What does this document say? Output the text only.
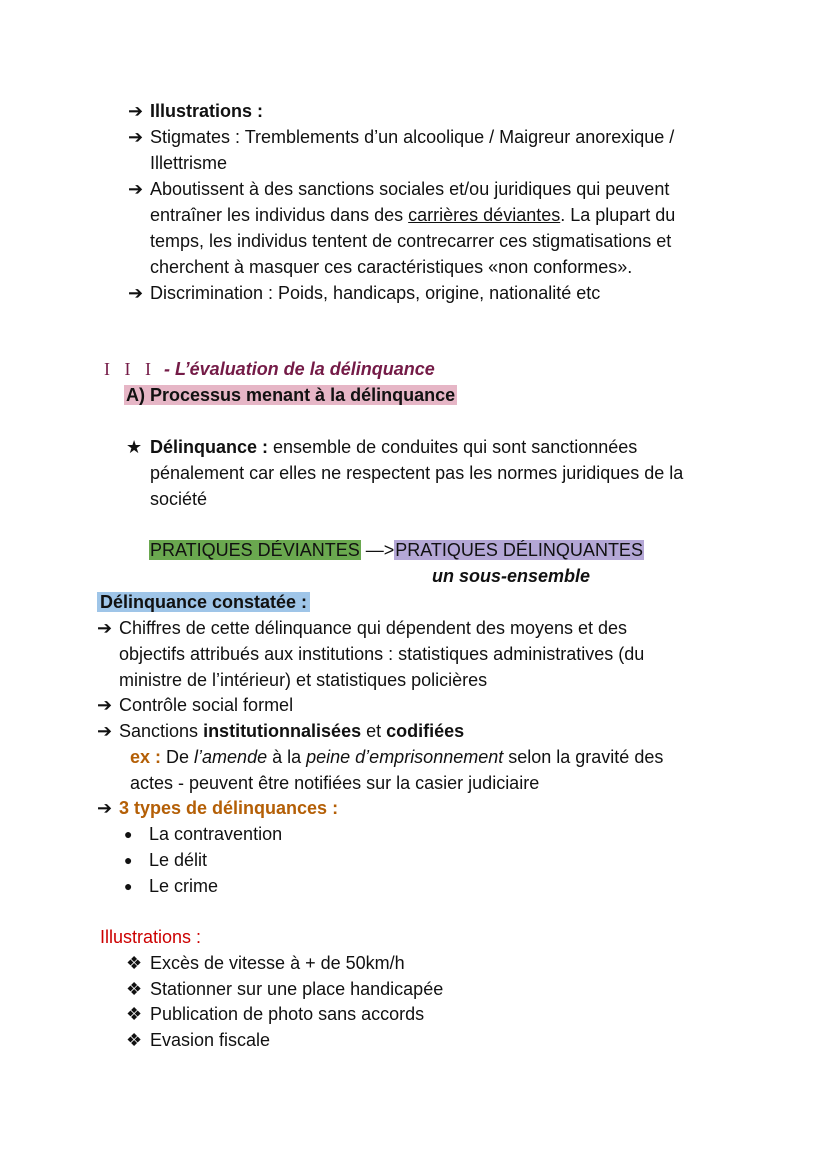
➔ Illustrations :
➔ Stigmates : Tremblements d’un alcoolique / Maigreur anorexique /
Illettrisme
➔ Aboutissent à des sanctions sociales et/ou juridiques qui peuvent
entraîner les individus dans des carrières déviantes. La plupart du
temps, les individus tentent de contrecarrer ces stigmatisations et
cherchent à masquer ces caractéristiques «non conformes».
➔ Discrimination : Poids, handicaps, origine, nationalité etc
I I I - L’évaluation de la délinquance
A) Processus menant à la délinquance
★ Délinquance : ensemble de conduites qui sont sanctionnées
pénalement car elles ne respectent pas les normes juridiques de la
société
PRATIQUES DÉVIANTES —>PRATIQUES DÉLINQUANTES
un sous-ensemble
Délinquance constatée :
➔ Chiffres de cette délinquance qui dépendent des moyens et des
objectifs attribués aux institutions : statistiques administratives (du
ministre de l’intérieur) et statistiques policières
➔ Contrôle social formel
➔ Sanctions institutionnalisées et codifiées
ex : De l’amende à la peine d’emprisonnement selon la gravité des
actes - peuvent être notifiées sur la casier judiciaire
➔ 3 types de délinquances :
● La contravention
● Le délit
● Le crime
Illustrations :
❖ Excès de vitesse à + de 50km/h
❖ Stationner sur une place handicapée
❖ Publication de photo sans accords
❖ Evasion fiscale
